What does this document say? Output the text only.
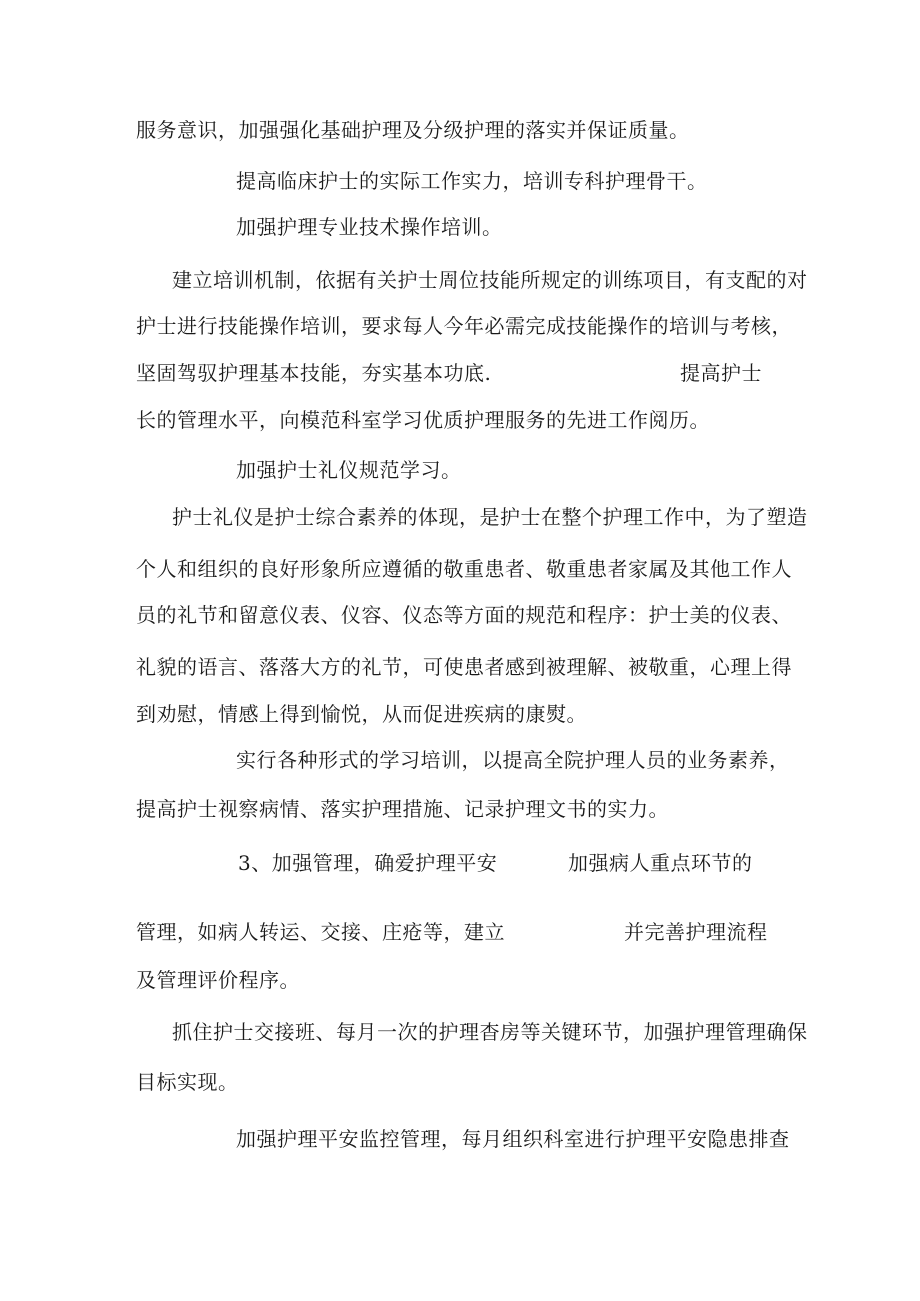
服务意识，加强强化基础护理及分级护理的落实并保证质量。
提高临床护士的实际工作实力，培训专科护理骨干。
加强护理专业技术操作培训。
建立培训机制，依据有关护士周位技能所规定的训练项目，有支配的对
护士进行技能操作培训，要求每人今年必需完成技能操作的培训与考核，
坚固驾驭护理基本技能，夯实基本功底.	提高护士
长的管理水平，向模范科室学习优质护理服务的先进工作阅历。
加强护士礼仪规范学习。
护士礼仪是护士综合素养的体现，是护士在整个护理工作中，为了塑造
个人和组织的良好形象所应遵循的敬重患者、敬重患者家属及其他工作人
员的礼节和留意仪表、仪容、仪态等方面的规范和程序：护士美的仪表、
礼貌的语言、落落大方的礼节，可使患者感到被理解、被敬重，心理上得
到劝慰，情感上得到愉悦，从而促进疾病的康熨。
实行各种形式的学习培训，以提高全院护理人员的业务素养，
提高护士视察病情、落实护理措施、记录护理文书的实力。
3、加强管理，确爱护理平安	加强病人重点环节的
管理，如病人转运、交接、庄疮等，建立	并完善护理流程
及管理评价程序。
抓住护士交接班、每月一次的护理杳房等关键环节，加强护理管理确保
目标实现。
加强护理平安监控管理，每月组织科室进行护理平安隐患排查
